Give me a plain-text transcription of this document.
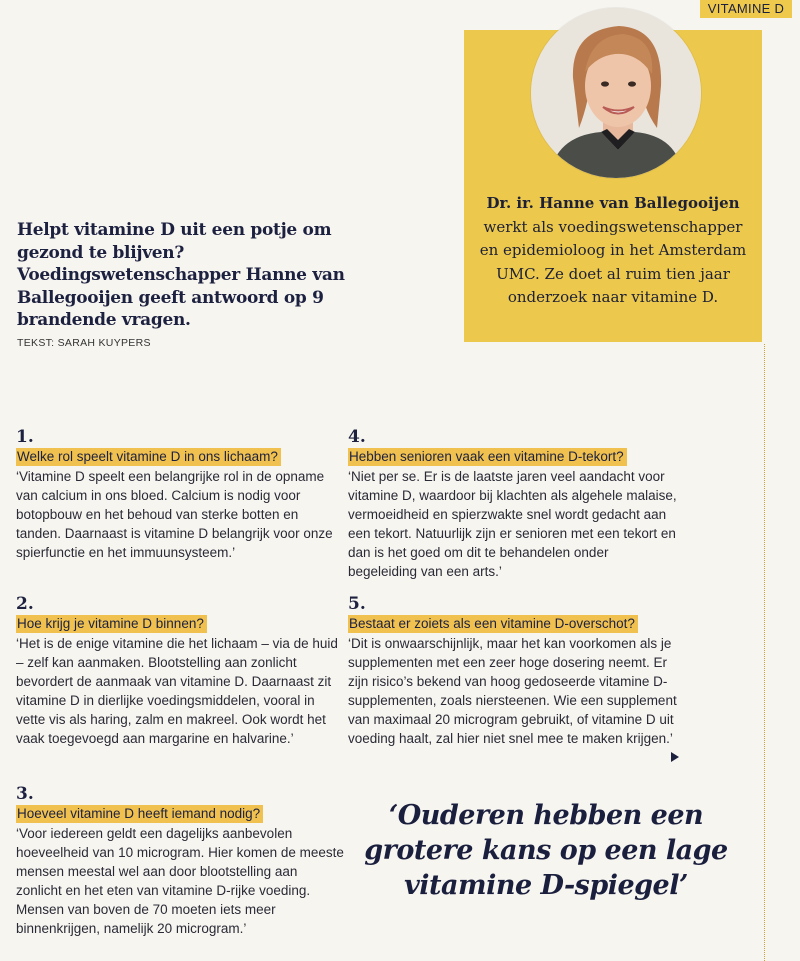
VITAMINE D
Dr. ir. Hanne van Ballegooijen
werkt als voedingswetenschapper
en epidemioloog in het Amsterdam
UMC. Ze doet al ruim tien jaar
onderzoek naar vitamine D.
Helpt vitamine D uit een potje om gezond te blijven? Voedingswetenschapper Hanne van Ballegooijen geeft antwoord op 9 brandende vragen.
TEKST: SARAH KUYPERS
1.
Welke rol speelt vitamine D in ons lichaam?
‘Vitamine D speelt een belangrijke rol in de opname van calcium in ons bloed. Calcium is nodig voor botopbouw en het behoud van sterke botten en tanden. Daarnaast is vitamine D belangrijk voor onze spierfunctie en het immuunsysteem.’
2.
Hoe krijg je vitamine D binnen?
‘Het is de enige vitamine die het lichaam – via de huid – zelf kan aanmaken. Blootstelling aan zonlicht bevordert de aanmaak van vitamine D. Daarnaast zit vitamine D in dierlijke voedingsmiddelen, vooral in vette vis als haring, zalm en makreel. Ook wordt het vaak toegevoegd aan margarine en halvarine.’
3.
Hoeveel vitamine D heeft iemand nodig?
‘Voor iedereen geldt een dagelijks aanbevolen hoeveelheid van 10 microgram. Hier komen de meeste mensen meestal wel aan door blootstelling aan zonlicht en het eten van vitamine D-rijke voeding. Mensen van boven de 70 moeten iets meer binnenkrijgen, namelijk 20 microgram.’
4.
Hebben senioren vaak een vitamine D-tekort?
‘Niet per se. Er is de laatste jaren veel aandacht voor vitamine D, waardoor bij klachten als algehele malaise, vermoeidheid en spierzwakte snel wordt gedacht aan een tekort. Natuurlijk zijn er senioren met een tekort en dan is het goed om dit te behandelen onder begeleiding van een arts.’
5.
Bestaat er zoiets als een vitamine D-overschot?
‘Dit is onwaarschijnlijk, maar het kan voorkomen als je supplementen met een zeer hoge dosering neemt. Er zijn risico’s bekend van hoog gedoseerde vitamine D-supplementen, zoals niersteenen. Wie een supplement van maximaal 20 microgram gebruikt, of vitamine D uit voeding haalt, zal hier niet snel mee te maken krijgen.’
‘Ouderen hebben een grotere kans op een lage vitamine D-spiegel’
